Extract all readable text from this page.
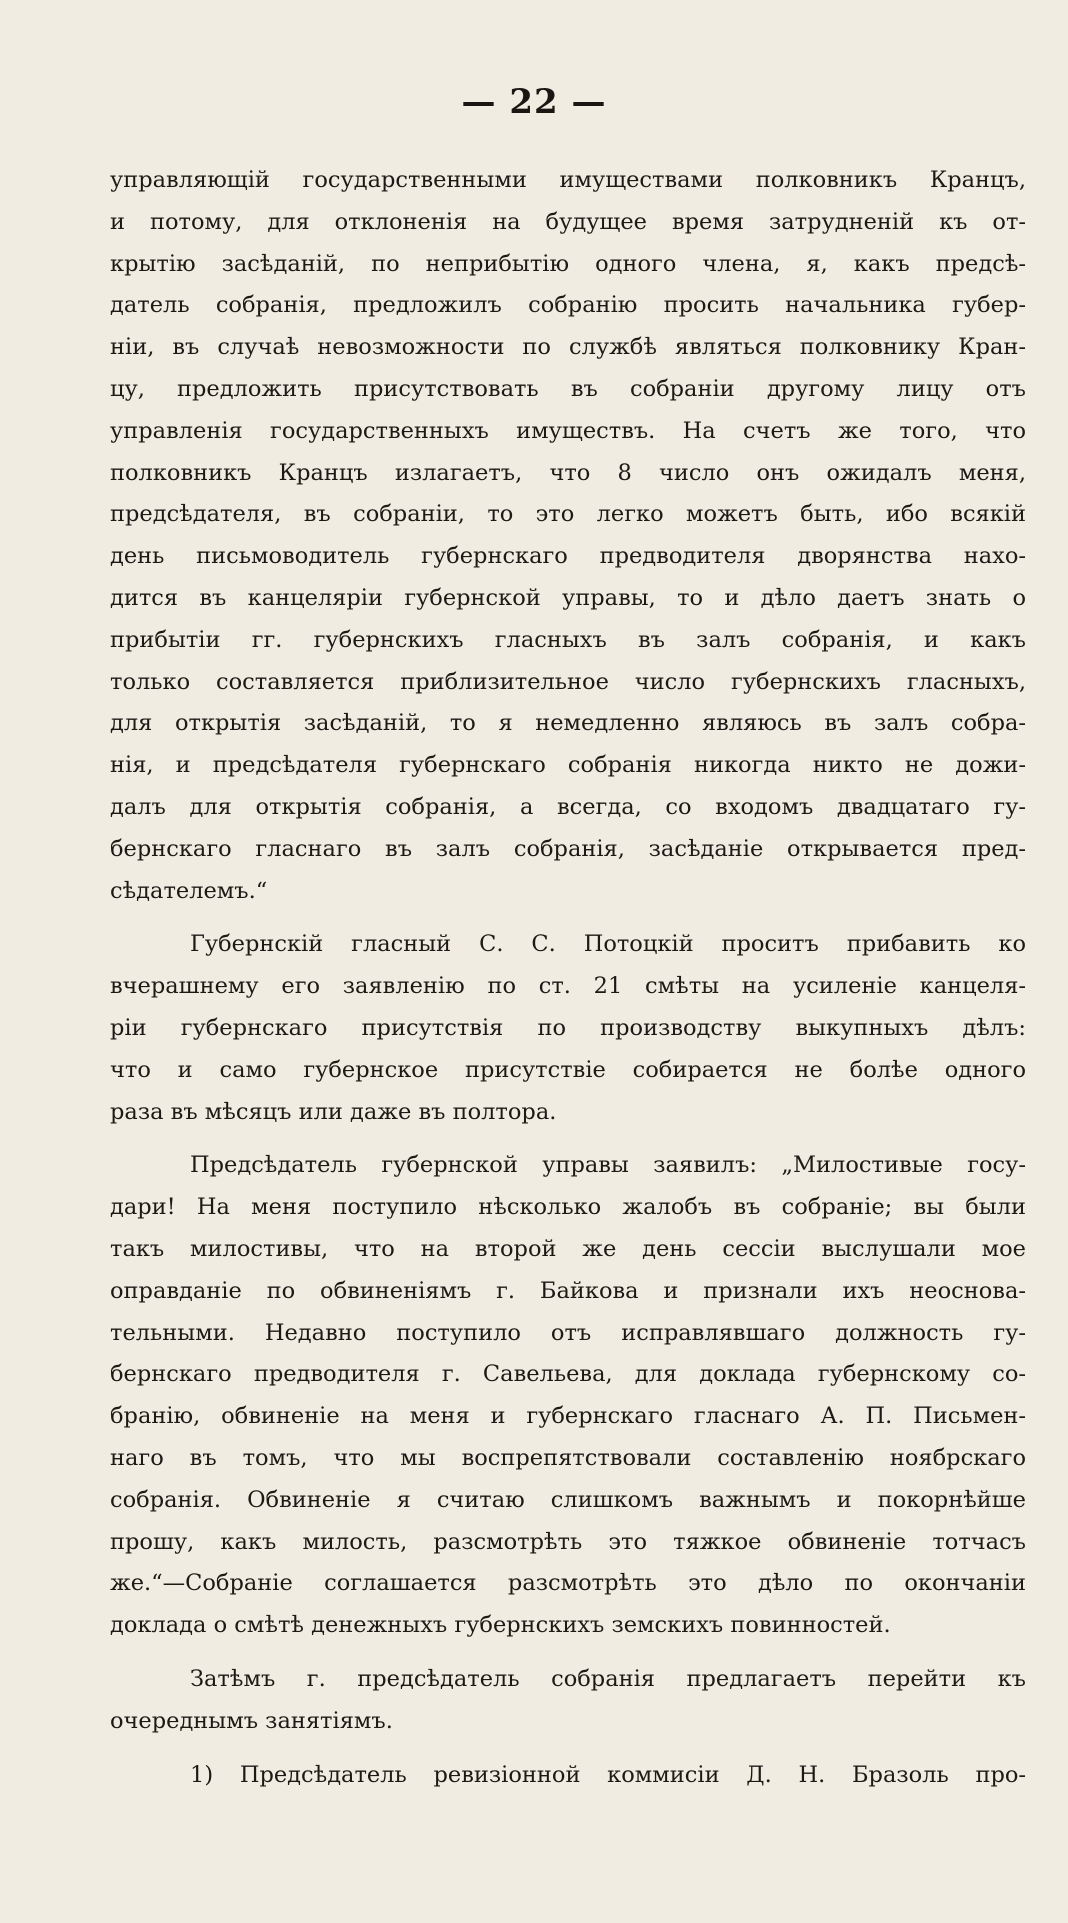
— 22 —
управляющій государственными имуществами полковникъ Кранцъ,
и потому, для отклоненія на будущее время затрудненій къ от-
крытію засѣданій, по неприбытію одного члена, я, какъ предсѣ-
датель собранія, предложилъ собранію просить начальника губер-
ніи, въ случаѣ невозможности по службѣ являться полковнику Кран-
цу, предложить присутствовать въ собраніи другому лицу отъ
управленія государственныхъ имуществъ. На счетъ же того, что
полковникъ Кранцъ излагаетъ, что 8 число онъ ожидалъ меня,
предсѣдателя, въ собраніи, то это легко можетъ быть, ибо всякій
день письмоводитель губернскаго предводителя дворянства нахо-
дится въ канцеляріи губернской управы, то и дѣло даетъ знать о
прибытіи гг. губернскихъ гласныхъ въ залъ собранія, и какъ
только составляется приблизительное число губернскихъ гласныхъ,
для открытія засѣданій, то я немедленно являюсь въ залъ собра-
нія, и предсѣдателя губернскаго собранія никогда никто не дожи-
далъ для открытія собранія, а всегда, со входомъ двадцатаго гу-
бернскаго гласнаго въ залъ собранія, засѣданіе открывается пред-
сѣдателемъ.“
Губернскій гласный С. С. Потоцкій проситъ прибавить ко
вчерашнему его заявленію по ст. 21 смѣты на усиленіе канцеля-
ріи губернскаго присутствія по производству выкупныхъ дѣлъ:
что и само губернское присутствіе собирается не болѣе одного
раза въ мѣсяцъ или даже въ полтора.
Предсѣдатель губернской управы заявилъ: „Милостивые госу-
дари! На меня поступило нѣсколько жалобъ въ собраніе; вы были
такъ милостивы, что на второй же день сессіи выслушали мое
оправданіе по обвиненіямъ г. Байкова и признали ихъ неоснова-
тельными. Недавно поступило отъ исправлявшаго должность гу-
бернскаго предводителя г. Савельева, для доклада губернскому со-
бранію, обвиненіе на меня и губернскаго гласнаго А. П. Письмен-
наго въ томъ, что мы воспрепятствовали составленію ноябрскаго
собранія. Обвиненіе я считаю слишкомъ важнымъ и покорнѣйше
прошу, какъ милость, разсмотрѣть это тяжкое обвиненіе тотчасъ
же.“—Собраніе соглашается разсмотрѣть это дѣло по окончаніи
доклада о смѣтѣ денежныхъ губернскихъ земскихъ повинностей.
Затѣмъ г. предсѣдатель собранія предлагаетъ перейти къ
очереднымъ занятіямъ.
1) Предсѣдатель ревизіонной коммисіи Д. Н. Бразоль про-
